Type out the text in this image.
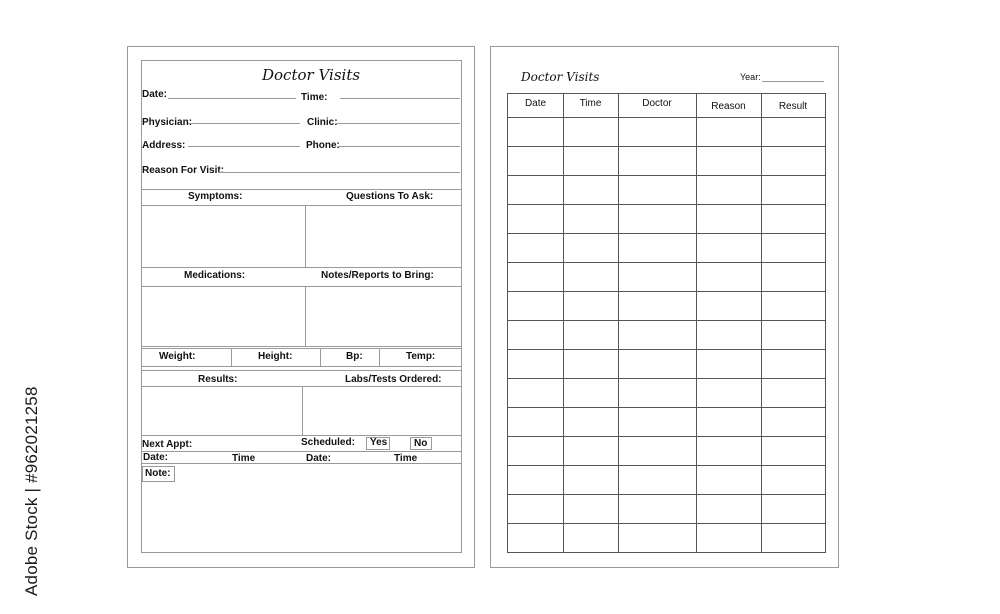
Doctor Visits
Date:	Time:
Physician:	Clinic:
Address:	Phone:
Reason For Visit:
Symptoms:	Questions To Ask:
Medications:	Notes/Reports to Bring:
Weight:	Height:	Bp:	Temp:
Results:	Labs/Tests Ordered:
Next Appt:	Scheduled: Yes	No
Date:	Time	Date:	Time
Note:
Doctor Visits	Year:
Date	Time	Doctor	Reason	Result
Adobe Stock | #962021258
